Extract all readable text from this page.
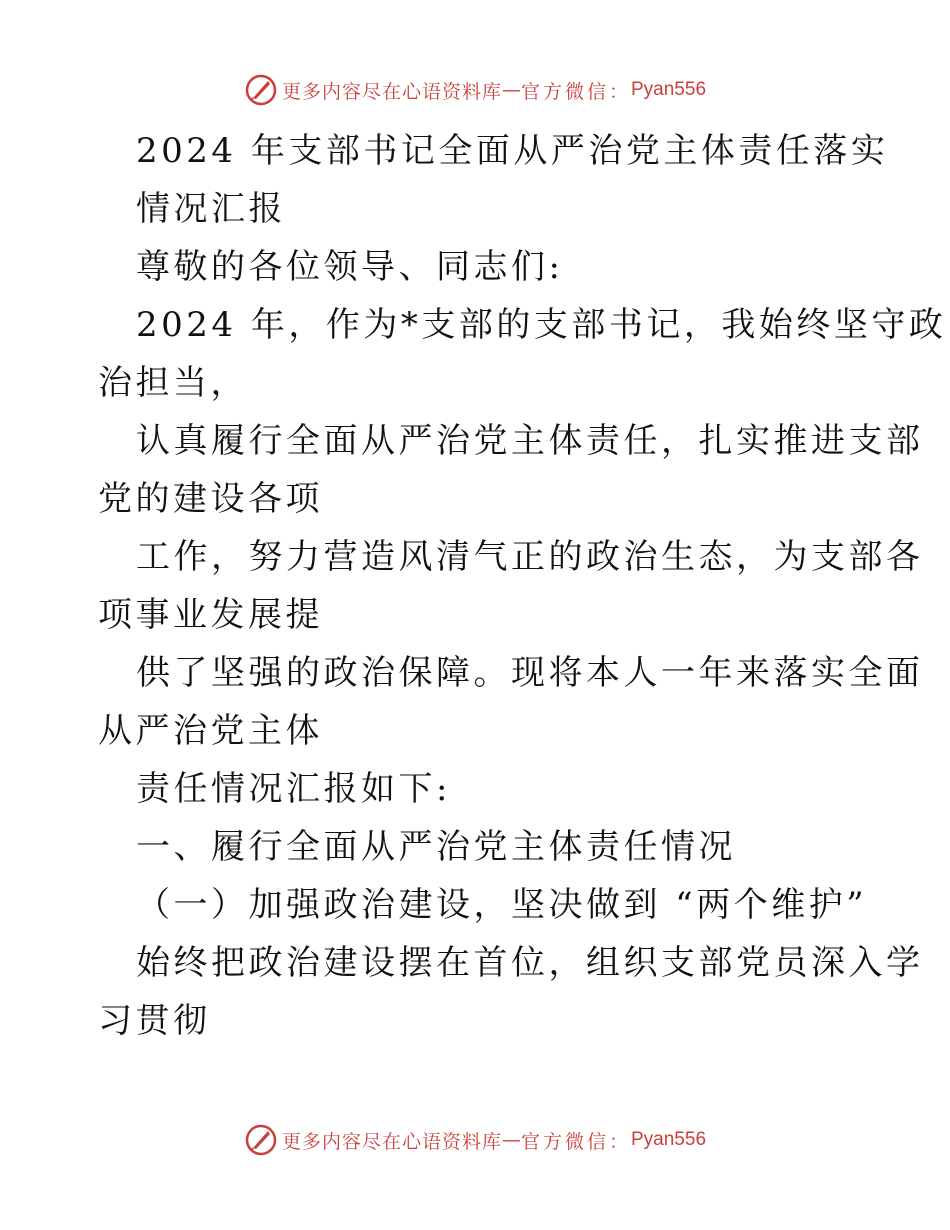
更多内容尽在心语资料库 — 官方微信： Pyan556
2024 年支部书记全面从严治党主体责任落实
情况汇报
尊敬的各位领导、同志们:
2024 年，作为*支部的支部书记，我始终坚守政
治担当，
认真履行全面从严治党主体责任，扎实推进支部
党的建设各项
工作，努力营造风清气正的政治生态，为支部各
项事业发展提
供了坚强的政治保障。现将本人一年来落实全面
从严治党主体
责任情况汇报如下:
一、履行全面从严治党主体责任情况
（一）加强政治建设，坚决做到 “两个维护”
始终把政治建设摆在首位，组织支部党员深入学
习贯彻
更多内容尽在心语资料库 — 官方微信： Pyan556
